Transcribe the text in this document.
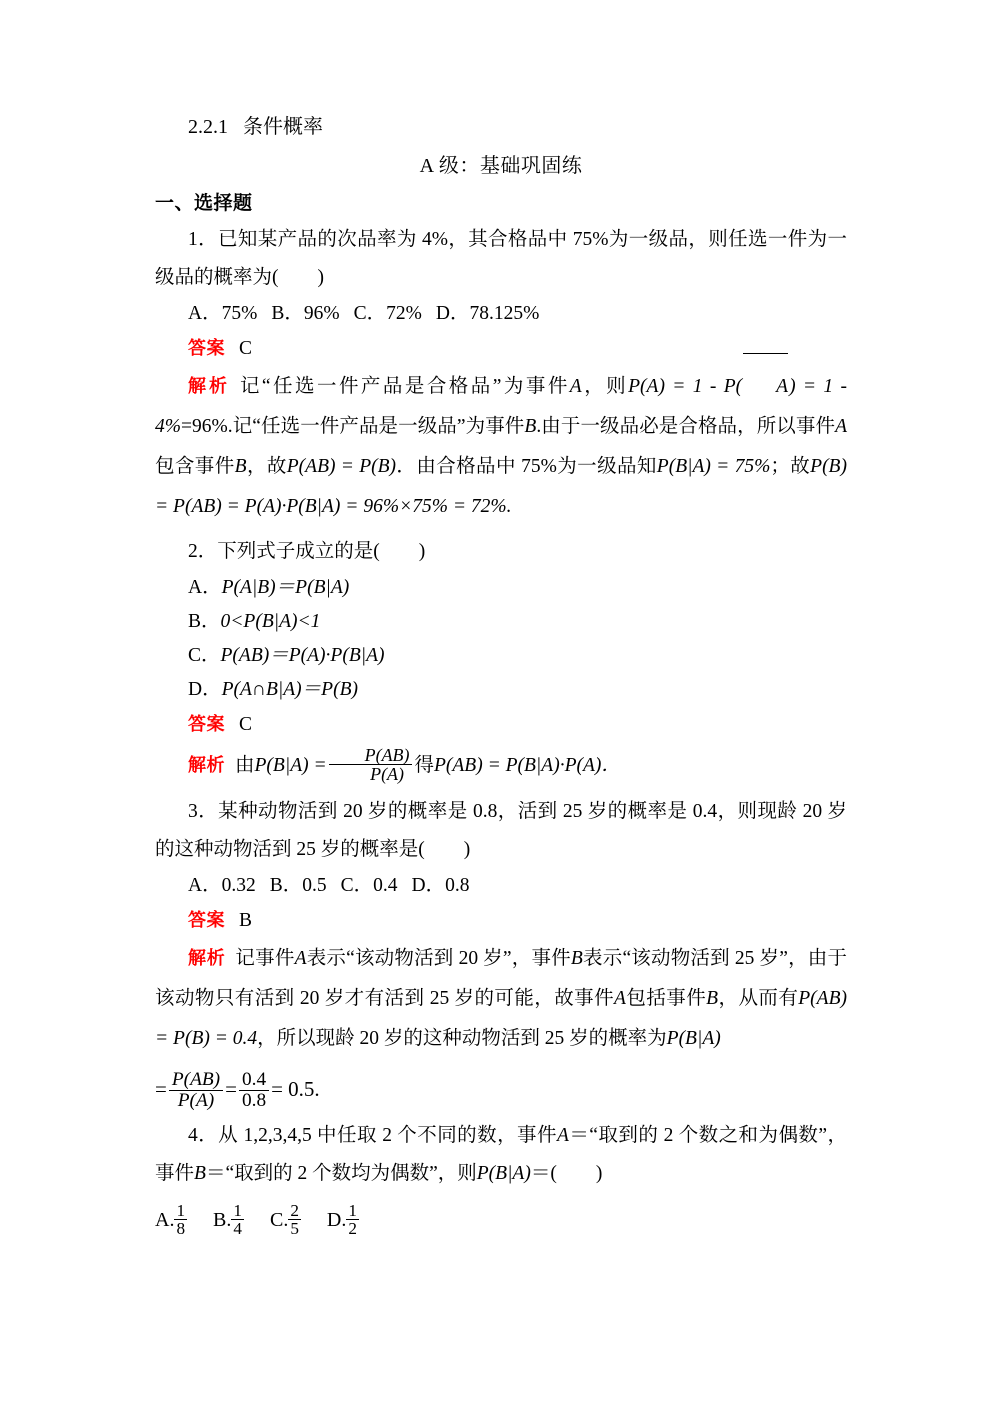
2.2.1 条件概率
A 级：基础巩固练
一、选择题
1．已知某产品的次品率为 4%，其合格品中 75%为一级品，则任选一件为一级品的概率为(　　)
A．75% B．96% C．72% D．78.125%
答案 C
解析 记“任选一件产品是合格品”为事件A，则P(A) = 1 - P( A) = 1 - 4%=96%.记“任选一件产品是一级品”为事件B.由于一级品必是合格品，所以事件A包含事件B，故P(AB) = P(B)．由合格品中 75%为一级品知P(B|A) = 75%；故P(B) = P(AB) = P(A)·P(B|A) = 96%×75% = 72%.
2．下列式子成立的是(　　)
A．P(A|B)＝P(B|A)
B．0<P(B|A)<1
C．P(AB)＝P(A)·P(B|A)
D．P(A∩B|A)＝P(B)
答案 C
解析 由$P(B|A) = \frac{P(AB)}{P(A)}$ 得P(AB) = P(B|A)·P(A)．
3．某种动物活到 20 岁的概率是 0.8，活到 25 岁的概率是 0.4，则现龄 20 岁的这种动物活到 25 岁的概率是(　　)
A．0.32 B．0.5 C．0.4 D．0.8
答案 B
解析 记事件A表示“该动物活到 20 岁”，事件B表示“该动物活到 25 岁”，由于该动物只有活到 20 岁才有活到 25 岁的可能，故事件A包括事件B，从而有P(AB) = P(B) = 0.4，所以现龄 20 岁的这种动物活到 25 岁的概率为P(B|A)
= $\frac{P(AB)}{P(A)} = \frac{0.4}{0.8} = 0.5$.
4．从 1,2,3,4,5 中任取 2 个不同的数，事件A＝“取到的 2 个数之和为偶数”，事件B＝“取到的 2 个数均为偶数”，则P(B|A)＝(　　)
A. $\frac{1}{8} B$. $\frac{1}{4} C$. $\frac{2}{5} D$. $\frac{1}{2}$
